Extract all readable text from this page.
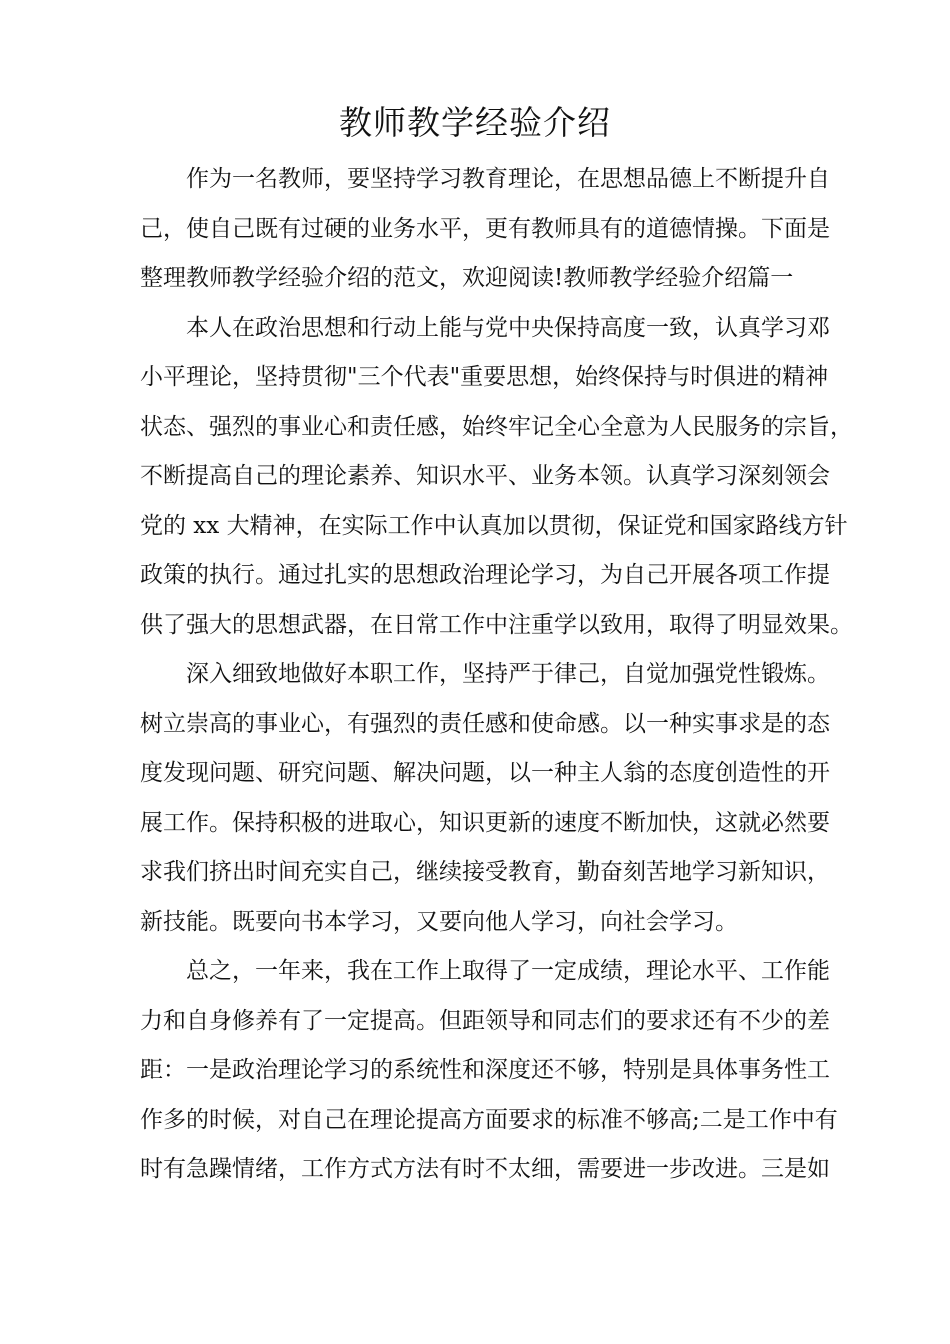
教师教学经验介绍

作为一名教师，要坚持学习教育理论，在思想品德上不断提升自
己，使自己既有过硬的业务水平，更有教师具有的道德情操。下面是
整理教师教学经验介绍的范文，欢迎阅读!教师教学经验介绍篇一

本人在政治思想和行动上能与党中央保持高度一致，认真学习邓
小平理论，坚持贯彻"三个代表"重要思想，始终保持与时俱进的精神
状态、强烈的事业心和责任感，始终牢记全心全意为人民服务的宗旨，
不断提高自己的理论素养、知识水平、业务本领。认真学习深刻领会
党的 xx 大精神，在实际工作中认真加以贯彻，保证党和国家路线方针
政策的执行。通过扎实的思想政治理论学习，为自己开展各项工作提
供了强大的思想武器，在日常工作中注重学以致用，取得了明显效果。

深入细致地做好本职工作，坚持严于律己，自觉加强党性锻炼。
树立崇高的事业心，有强烈的责任感和使命感。以一种实事求是的态
度发现问题、研究问题、解决问题，以一种主人翁的态度创造性的开
展工作。保持积极的进取心，知识更新的速度不断加快，这就必然要
求我们挤出时间充实自己，继续接受教育，勤奋刻苦地学习新知识，
新技能。既要向书本学习，又要向他人学习，向社会学习。

总之，一年来，我在工作上取得了一定成绩，理论水平、工作能
力和自身修养有了一定提高。但距领导和同志们的要求还有不少的差
距：一是政治理论学习的系统性和深度还不够，特别是具体事务性工
作多的时候，对自己在理论提高方面要求的标准不够高;二是工作中有
时有急躁情绪，工作方式方法有时不太细，需要进一步改进。三是如
